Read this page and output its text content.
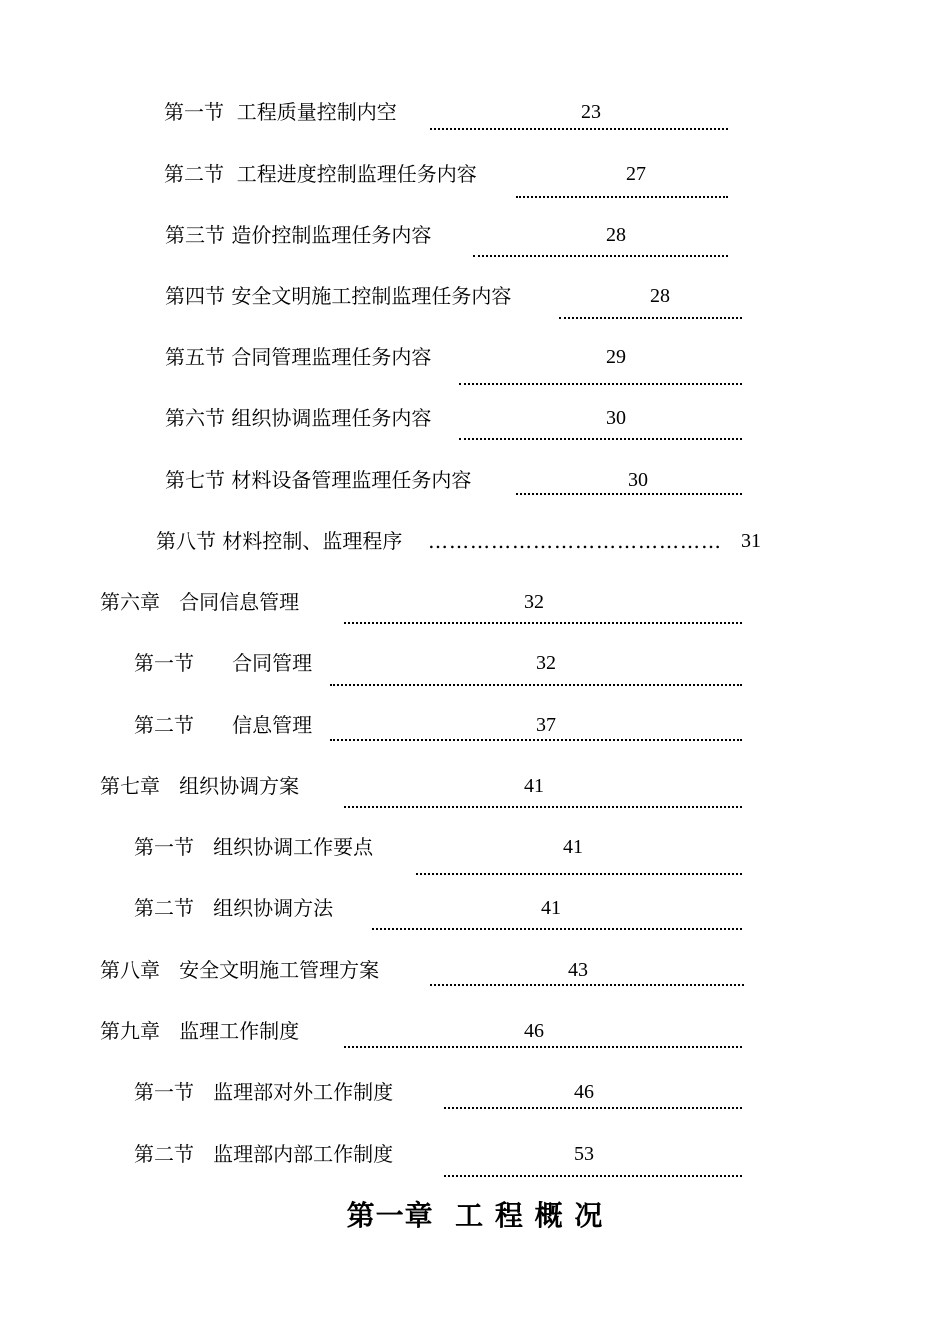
第一节  工程质量控制内空	23
第二节  工程进度控制监理任务内容	27
第三节 造价控制监理任务内容	28
第四节 安全文明施工控制监理任务内容	28
第五节 合同管理监理任务内容	29
第六节 组织协调监理任务内容	30
第七节 材料设备管理监理任务内容	30
第八节 材料控制、监理程序 …………………………………… 31
第六章   合同信息管理	32
第一节      合同管理	32
第二节      信息管理	37
第七章   组织协调方案	41
第一节   组织协调工作要点	41
第二节   组织协调方法	41
第八章   安全文明施工管理方案	43
第九章   监理工作制度	46
第一节   监理部对外工作制度	46
第二节   监理部内部工作制度	53
第一章  工 程 概 况
